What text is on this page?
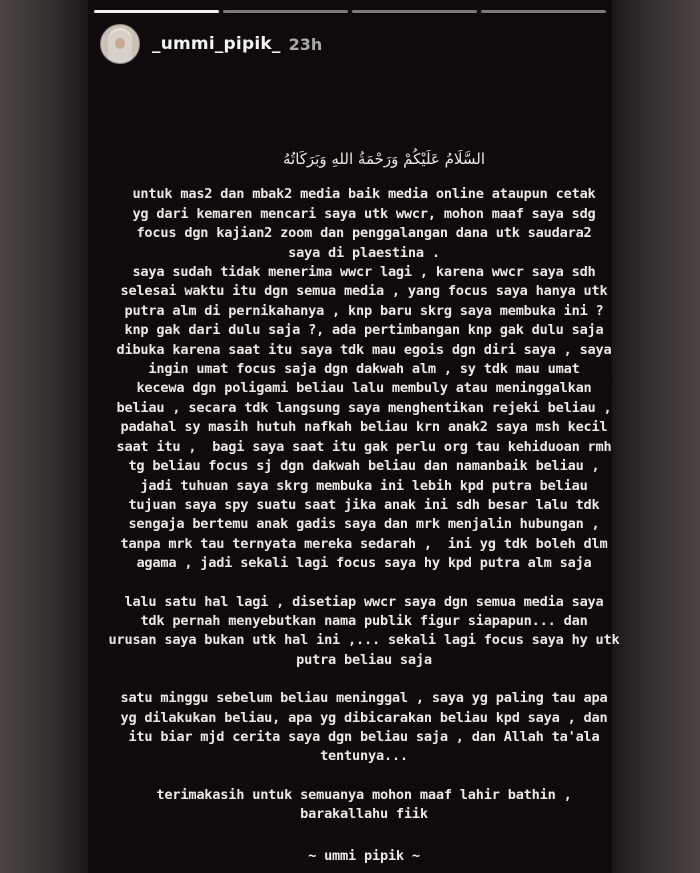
_ummi_pipik_ 23h
السَّلَامُ عَلَيْكُمْ وَرَحْمَةُ اللهِ وَبَرَكَاتُهُ
untuk mas2 dan mbak2 media baik media online ataupun cetak
yg dari kemaren mencari saya utk wwcr, mohon maaf saya sdg
focus dgn kajian2 zoom dan penggalangan dana utk saudara2
saya di plaestina .
saya sudah tidak menerima wwcr lagi , karena wwcr saya sdh
selesai waktu itu dgn semua media , yang focus saya hanya utk
putra alm di pernikahanya , knp baru skrg saya membuka ini ?
knp gak dari dulu saja ?, ada pertimbangan knp gak dulu saja
dibuka karena saat itu saya tdk mau egois dgn diri saya , saya
ingin umat focus saja dgn dakwah alm , sy tdk mau umat
kecewa dgn poligami beliau lalu membuly atau meninggalkan
beliau , secara tdk langsung saya menghentikan rejeki beliau ,
padahal sy masih hutuh nafkah beliau krn anak2 saya msh kecil
saat itu ,  bagi saya saat itu gak perlu org tau kehiduoan rmh
tg beliau focus sj dgn dakwah beliau dan namanbaik beliau ,
jadi tuhuan saya skrg membuka ini lebih kpd putra beliau
tujuan saya spy suatu saat jika anak ini sdh besar lalu tdk
sengaja bertemu anak gadis saya dan mrk menjalin hubungan ,
tanpa mrk tau ternyata mereka sedarah ,  ini yg tdk boleh dlm
agama , jadi sekali lagi focus saya hy kpd putra alm saja
lalu satu hal lagi , disetiap wwcr saya dgn semua media saya
tdk pernah menyebutkan nama publik figur siapapun... dan
urusan saya bukan utk hal ini ,... sekali lagi focus saya hy utk
putra beliau saja
satu minggu sebelum beliau meninggal , saya yg paling tau apa
yg dilakukan beliau, apa yg dibicarakan beliau kpd saya , dan
itu biar mjd cerita saya dgn beliau saja , dan Allah ta'ala
tentunya...
terimakasih untuk semuanya mohon maaf lahir bathin ,
barakallahu fiik
~ ummi pipik ~
